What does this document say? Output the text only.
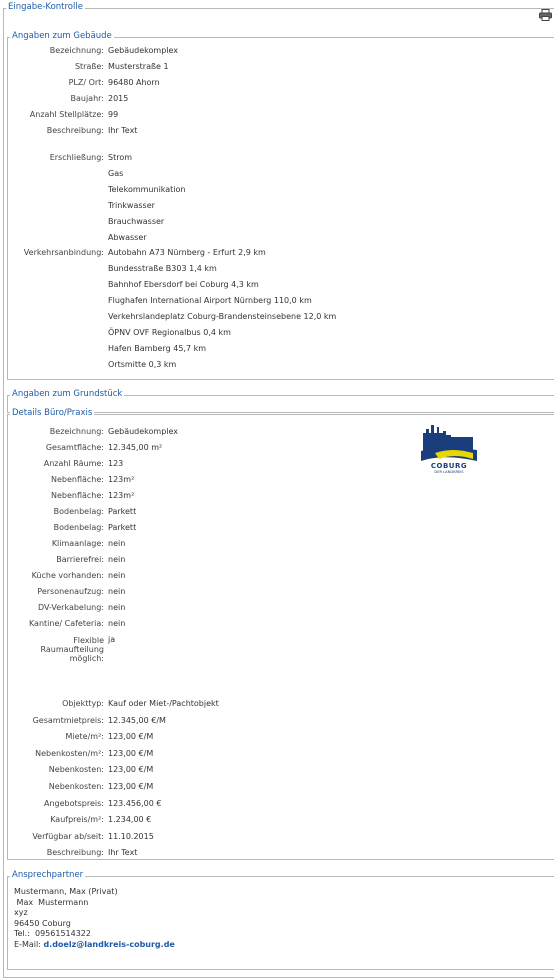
Eingabe-Kontrolle
Bezeichnung: Gebäudekomplex
Straße: Musterstraße 1
PLZ/ Ort: 96480 Ahorn
Baujahr: 2015
Anzahl Stellplätze: 99
Beschreibung: Ihr Text
Erschließung: Strom
Gas
Telekommunikation
Trinkwasser
Brauchwasser
Abwasser
Verkehrsanbindung: Autobahn A73 Nürnberg - Erfurt 2,9 km
Bundesstraße B303 1,4 km
Bahnhof Ebersdorf bei Coburg 4,3 km
Flughafen International Airport Nürnberg 110,0 km
Verkehrslandeplatz Coburg-Brandensteinsebene 12,0 km
ÖPNV OVF Regionalbus 0,4 km
Hafen Bamberg 45,7 km
Ortsmitte 0,3 km
Angaben zum Gebäude
Angaben zum Grundstück
Bezeichnung: Gebäudekomplex
Gesamtfläche: 12.345,00 m²
Anzahl Räume: 123
Nebenfläche: 123m²
Nebenfläche: 123m²
Bodenbelag: Parkett
Bodenbelag: Parkett
Klimaanlage: nein
Barrierefrei: nein
Küche vorhanden: nein
Personenaufzug: nein
DV-Verkabelung: nein
Kantine/ Cafeteria: nein
Flexible Raumaufteilung möglich:
ja
Objekttyp: Kauf oder Miet-/Pachtobjekt
Gesamtmietpreis: 12.345,00 €/M
Miete/m²: 123,00 €/M
Nebenkosten/m²: 123,00 €/M
Nebenkosten: 123,00 €/M
Nebenkosten: 123,00 €/M
Angebotspreis: 123.456,00 €
Kaufpreis/m²: 1.234,00 €
Verfügbar ab/seit: 11.10.2015
Beschreibung: Ihr Text
Details Büro/Praxis
COBURG
DER LANDKREIS
Mustermann, Max (Privat)
Max  Mustermann
xyz
96450 Coburg
Tel.:  09561514322
E-Mail: d.doelz@landkreis-coburg.de
Ansprechpartner
